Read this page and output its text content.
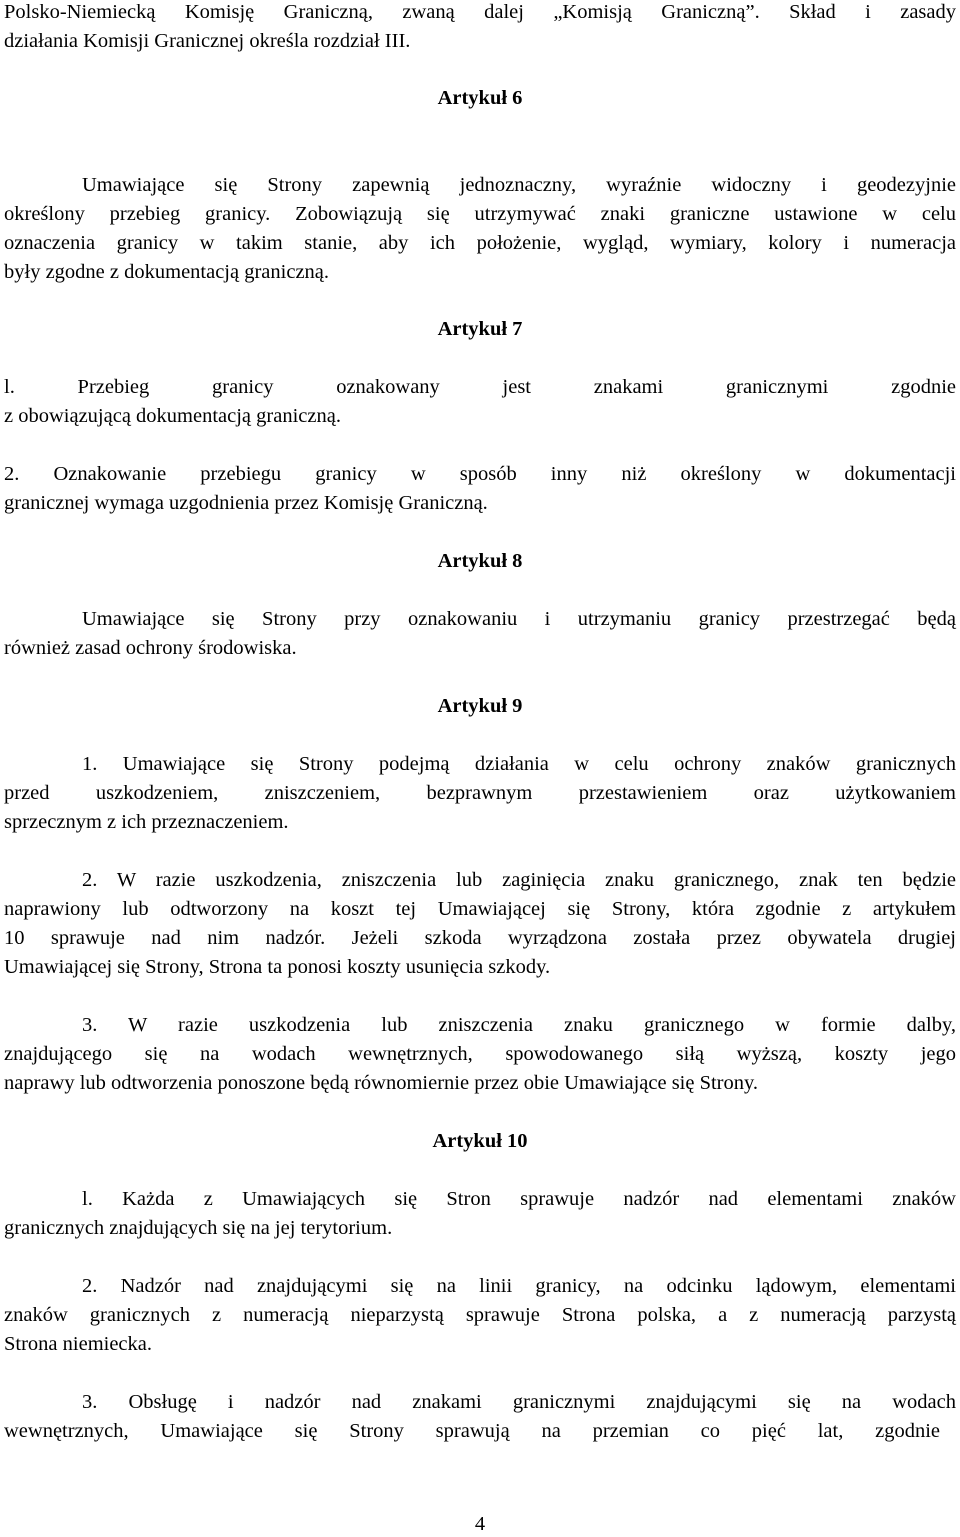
Polsko-Niemiecką Komisję Graniczną, zwaną dalej „Komisją Graniczną”. Skład i zasady

działania Komisji Granicznej określa rozdział III.

Artykuł 6

Umawiające się Strony zapewnią jednoznaczny, wyraźnie widoczny i geodezyjnie

określony przebieg granicy. Zobowiązują się utrzymywać znaki graniczne ustawione w celu

oznaczenia granicy w takim stanie, aby ich położenie, wygląd, wymiary, kolory i numeracja

były zgodne z dokumentacją graniczną.

Artykuł 7

l. Przebieg granicy oznakowany jest znakami granicznymi zgodnie

z obowiązującą dokumentacją graniczną.

2. Oznakowanie przebiegu granicy w sposób inny niż określony w dokumentacji

granicznej wymaga uzgodnienia przez Komisję Graniczną.

Artykuł 8

Umawiające się Strony przy oznakowaniu i utrzymaniu granicy przestrzegać będą

również zasad ochrony środowiska.

Artykuł 9

1. Umawiające się Strony podejmą działania w celu ochrony znaków granicznych

przed uszkodzeniem, zniszczeniem, bezprawnym przestawieniem oraz użytkowaniem

sprzecznym z ich przeznaczeniem.

2. W razie uszkodzenia, zniszczenia lub zaginięcia znaku granicznego, znak ten będzie

naprawiony lub odtworzony na koszt tej Umawiającej się Strony, która zgodnie z artykułem

10 sprawuje nad nim nadzór. Jeżeli szkoda wyrządzona została przez obywatela drugiej

Umawiającej się Strony, Strona ta ponosi koszty usunięcia szkody.

3. W razie uszkodzenia lub zniszczenia znaku granicznego w formie dalby,

znajdującego się na wodach wewnętrznych, spowodowanego siłą wyższą, koszty jego

naprawy lub odtworzenia ponoszone będą równomiernie przez obie Umawiające się Strony.

Artykuł 10

l. Każda z Umawiających się Stron sprawuje nadzór nad elementami znaków

granicznych znajdujących się na jej terytorium.

2. Nadzór nad znajdującymi się na linii granicy, na odcinku lądowym, elementami

znaków granicznych z numeracją nieparzystą sprawuje Strona polska, a z numeracją parzystą

Strona niemiecka.

3. Obsługę i nadzór nad znakami granicznymi znajdującymi się na wodach

wewnętrznych, Umawiające się Strony sprawują na przemian co pięć lat, zgodnie

4
